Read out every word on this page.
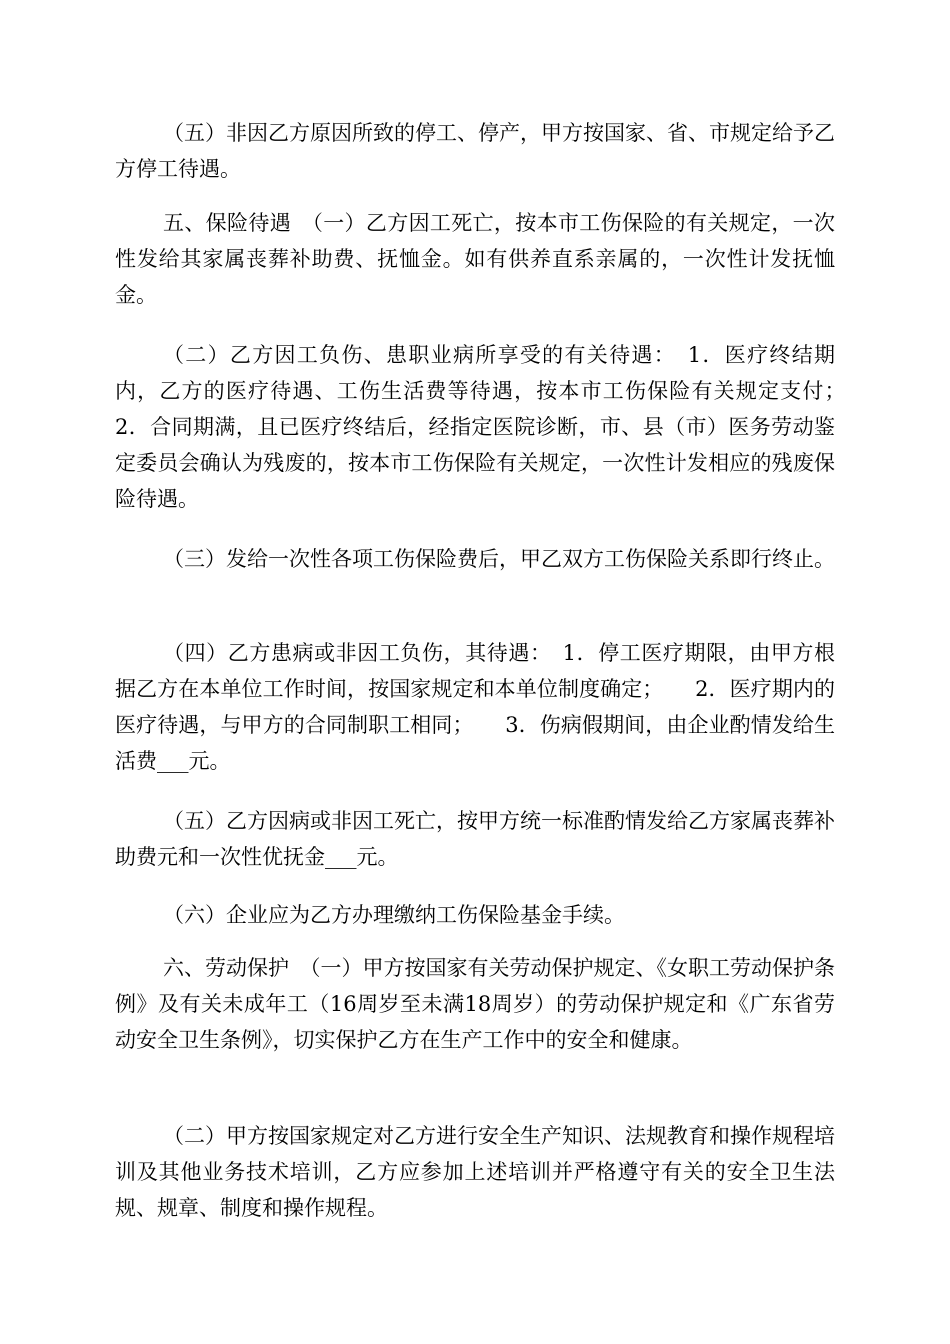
（五）非因乙方原因所致的停工、停产，甲方按国家、省、市规定给予乙方停工待遇。

五、保险待遇　（一）乙方因工死亡，按本市工伤保险的有关规定，一次性发给其家属丧葬补助费、抚恤金。如有供养直系亲属的，一次性计发抚恤金。

（二）乙方因工负伤、患职业病所享受的有关待遇：　1．医疗终结期内，乙方的医疗待遇、工伤生活费等待遇，按本市工伤保险有关规定支付；　　2．合同期满，且已医疗终结后，经指定医院诊断，市、县（市）医务劳动鉴定委员会确认为残废的，按本市工伤保险有关规定，一次性计发相应的残废保险待遇。

（三）发给一次性各项工伤保险费后，甲乙双方工伤保险关系即行终止。

（四）乙方患病或非因工负伤，其待遇：　1．停工医疗期限，由甲方根据乙方在本单位工作时间，按国家规定和本单位制度确定；　　2．医疗期内的医疗待遇，与甲方的合同制职工相同；　　3．伤病假期间，由企业酌情发给生活费___元。

（五）乙方因病或非因工死亡，按甲方统一标准酌情发给乙方家属丧葬补助费元和一次性优抚金___元。

（六）企业应为乙方办理缴纳工伤保险基金手续。

六、劳动保护　（一）甲方按国家有关劳动保护规定、《女职工劳动保护条例》及有关未成年工（16周岁至未满18周岁）的劳动保护规定和《广东省劳动安全卫生条例》，切实保护乙方在生产工作中的安全和健康。

（二）甲方按国家规定对乙方进行安全生产知识、法规教育和操作规程培训及其他业务技术培训，乙方应参加上述培训并严格遵守有关的安全卫生法规、规章、制度和操作规程。
